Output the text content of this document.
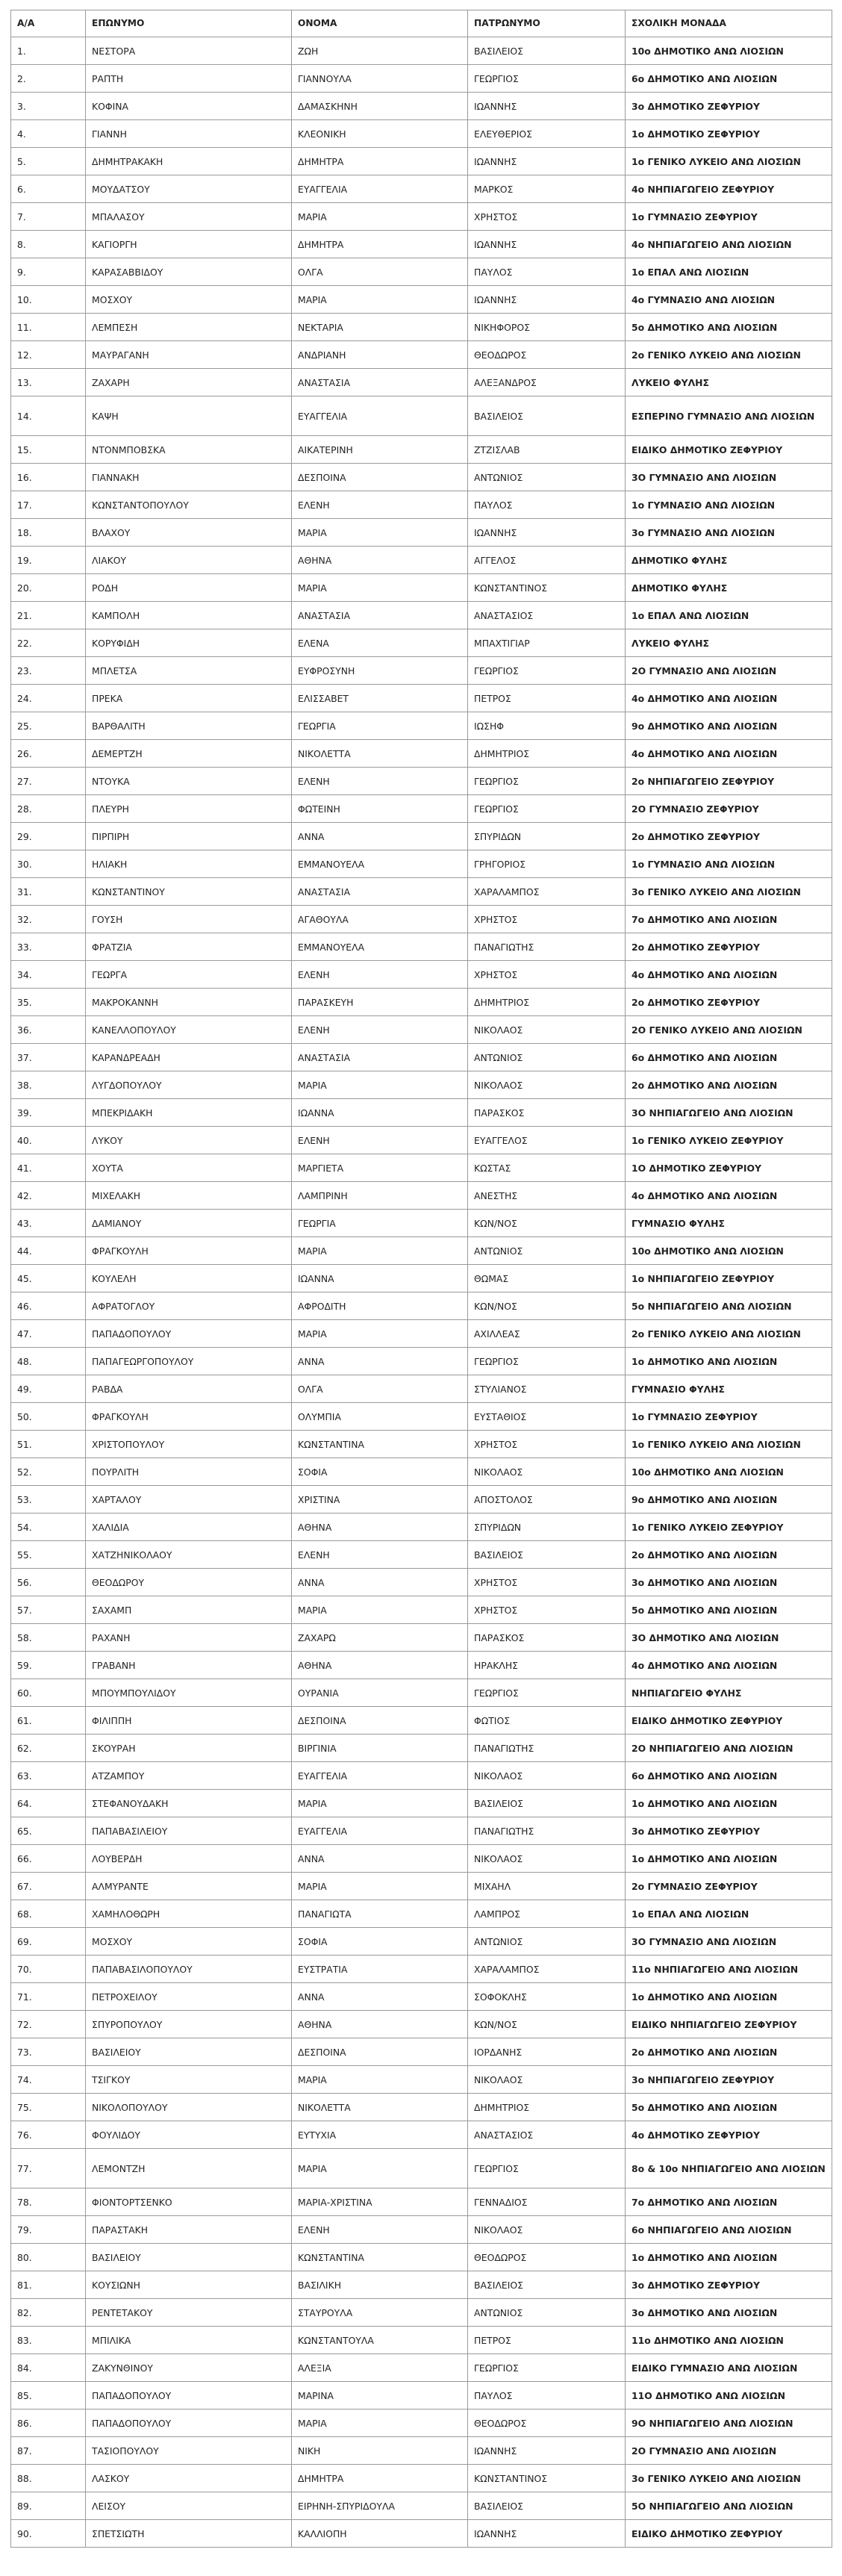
Α/Α	ΕΠΩΝΥΜΟ	ΟΝΟΜΑ	ΠΑΤΡΩΝΥΜΟ	ΣΧΟΛΙΚΗ ΜΟΝΑΔΑ
1.	ΝΕΣΤΟΡΑ	ΖΩΗ	ΒΑΣΙΛΕΙΟΣ	10ο ΔΗΜΟΤΙΚΟ ΑΝΩ ΛΙΟΣΙΩΝ
2.	ΡΑΠΤΗ	ΓΙΑΝΝΟΥΛΑ	ΓΕΩΡΓΙΟΣ	6ο ΔΗΜΟΤΙΚΟ ΑΝΩ ΛΙΟΣΙΩΝ
3.	ΚΟΦΙΝΑ	ΔΑΜΑΣΚΗΝΗ	ΙΩΑΝΝΗΣ	3ο ΔΗΜΟΤΙΚΟ ΖΕΦΥΡΙΟΥ
4.	ΓΙΑΝΝΗ	ΚΛΕΟΝΙΚΗ	ΕΛΕΥΘΕΡΙΟΣ	1ο ΔΗΜΟΤΙΚΟ ΖΕΦΥΡΙΟΥ
5.	ΔΗΜΗΤΡΑΚΑΚΗ	ΔΗΜΗΤΡΑ	ΙΩΑΝΝΗΣ	1ο ΓΕΝΙΚΟ ΛΥΚΕΙΟ ΑΝΩ ΛΙΟΣΙΩΝ
6.	ΜΟΥΔΑΤΣΟΥ	ΕΥΑΓΓΕΛΙΑ	ΜΑΡΚΟΣ	4ο ΝΗΠΙΑΓΩΓΕΙΟ ΖΕΦΥΡΙΟΥ
7.	ΜΠΑΛΑΣΟΥ	ΜΑΡΙΑ	ΧΡΗΣΤΟΣ	1ο ΓΥΜΝΑΣΙΟ ΖΕΦΥΡΙΟΥ
8.	ΚΑΓΙΟΡΓΗ	ΔΗΜΗΤΡΑ	ΙΩΑΝΝΗΣ	4ο ΝΗΠΙΑΓΩΓΕΙΟ ΑΝΩ ΛΙΟΣΙΩΝ
9.	ΚΑΡΑΣΑΒΒΙΔΟΥ	ΟΛΓΑ	ΠΑΥΛΟΣ	1ο ΕΠΑΛ ΑΝΩ ΛΙΟΣΙΩΝ
10.	ΜΟΣΧΟΥ	ΜΑΡΙΑ	ΙΩΑΝΝΗΣ	4ο ΓΥΜΝΑΣΙΟ ΑΝΩ ΛΙΟΣΙΩΝ
11.	ΛΕΜΠΕΣΗ	ΝΕΚΤΑΡΙΑ	ΝΙΚΗΦΟΡΟΣ	5ο ΔΗΜΟΤΙΚΟ ΑΝΩ ΛΙΟΣΙΩΝ
12.	ΜΑΥΡΑΓΑΝΗ	ΑΝΔΡΙΑΝΗ	ΘΕΟΔΩΡΟΣ	2ο ΓΕΝΙΚΟ ΛΥΚΕΙΟ ΑΝΩ ΛΙΟΣΙΩΝ
13.	ΖΑΧΑΡΗ	ΑΝΑΣΤΑΣΙΑ	ΑΛΕΞΑΝΔΡΟΣ	ΛΥΚΕΙΟ ΦΥΛΗΣ
14.	ΚΑΨΗ	ΕΥΑΓΓΕΛΙΑ	ΒΑΣΙΛΕΙΟΣ	ΕΣΠΕΡΙΝΟ ΓΥΜΝΑΣΙΟ ΑΝΩ ΛΙΟΣΙΩΝ
15.	ΝΤΟΝΜΠΟΒΣΚΑ	ΑΙΚΑΤΕΡΙΝΗ	ΖΤΖΙΣΛΑΒ	ΕΙΔΙΚΟ ΔΗΜΟΤΙΚΟ ΖΕΦΥΡΙΟΥ
16.	ΓΙΑΝΝΑΚΗ	ΔΕΣΠΟΙΝΑ	ΑΝΤΩΝΙΟΣ	3Ο ΓΥΜΝΑΣΙΟ ΑΝΩ ΛΙΟΣΙΩΝ
17.	ΚΩΝΣΤΑΝΤΟΠΟΥΛΟΥ	ΕΛΕΝΗ	ΠΑΥΛΟΣ	1ο ΓΥΜΝΑΣΙΟ ΑΝΩ ΛΙΟΣΙΩΝ
18.	ΒΛΑΧΟΥ	ΜΑΡΙΑ	ΙΩΑΝΝΗΣ	3ο ΓΥΜΝΑΣΙΟ ΑΝΩ ΛΙΟΣΙΩΝ
19.	ΛΙΑΚΟΥ	ΑΘΗΝΑ	ΑΓΓΕΛΟΣ	ΔΗΜΟΤΙΚΟ ΦΥΛΗΣ
20.	ΡΟΔΗ	ΜΑΡΙΑ	ΚΩΝΣΤΑΝΤΙΝΟΣ	ΔΗΜΟΤΙΚΟ ΦΥΛΗΣ
21.	ΚΑΜΠΟΛΗ	ΑΝΑΣΤΑΣΙΑ	ΑΝΑΣΤΑΣΙΟΣ	1ο ΕΠΑΛ ΑΝΩ ΛΙΟΣΙΩΝ
22.	ΚΟΡΥΦΙΔΗ	ΕΛΕΝΑ	ΜΠΑΧΤΙΓΙΑΡ	ΛΥΚΕΙΟ ΦΥΛΗΣ
23.	ΜΠΛΕΤΣΑ	ΕΥΦΡΟΣΥΝΗ	ΓΕΩΡΓΙΟΣ	2Ο ΓΥΜΝΑΣΙΟ ΑΝΩ ΛΙΟΣΙΩΝ
24.	ΠΡΕΚΑ	ΕΛΙΣΣΑΒΕΤ	ΠΕΤΡΟΣ	4ο ΔΗΜΟΤΙΚΟ ΑΝΩ ΛΙΟΣΙΩΝ
25.	ΒΑΡΘΑΛΙΤΗ	ΓΕΩΡΓΙΑ	ΙΩΣΗΦ	9ο ΔΗΜΟΤΙΚΟ ΑΝΩ ΛΙΟΣΙΩΝ
26.	ΔΕΜΕΡΤΖΗ	ΝΙΚΟΛΕΤΤΑ	ΔΗΜΗΤΡΙΟΣ	4ο ΔΗΜΟΤΙΚΟ ΑΝΩ ΛΙΟΣΙΩΝ
27.	ΝΤΟΥΚΑ	ΕΛΕΝΗ	ΓΕΩΡΓΙΟΣ	2ο ΝΗΠΙΑΓΩΓΕΙΟ ΖΕΦΥΡΙΟΥ
28.	ΠΛΕΥΡΗ	ΦΩΤΕΙΝΗ	ΓΕΩΡΓΙΟΣ	2Ο ΓΥΜΝΑΣΙΟ ΖΕΦΥΡΙΟΥ
29.	ΠΙΡΠΙΡΗ	ΑΝΝΑ	ΣΠΥΡΙΔΩΝ	2ο ΔΗΜΟΤΙΚΟ ΖΕΦΥΡΙΟΥ
30.	ΗΛΙΑΚΗ	ΕΜΜΑΝΟΥΕΛΑ	ΓΡΗΓΟΡΙΟΣ	1ο ΓΥΜΝΑΣΙΟ ΑΝΩ ΛΙΟΣΙΩΝ
31.	ΚΩΝΣΤΑΝΤΙΝΟΥ	ΑΝΑΣΤΑΣΙΑ	ΧΑΡΑΛΑΜΠΟΣ	3ο ΓΕΝΙΚΟ ΛΥΚΕΙΟ ΑΝΩ ΛΙΟΣΙΩΝ
32.	ΓΟΥΣΗ	ΑΓΑΘΟΥΛΑ	ΧΡΗΣΤΟΣ	7ο ΔΗΜΟΤΙΚΟ ΑΝΩ ΛΙΟΣΙΩΝ
33.	ΦΡΑΤΖΙΑ	ΕΜΜΑΝΟΥΕΛΑ	ΠΑΝΑΓΙΩΤΗΣ	2ο ΔΗΜΟΤΙΚΟ ΖΕΦΥΡΙΟΥ
34.	ΓΕΩΡΓΑ	ΕΛΕΝΗ	ΧΡΗΣΤΟΣ	4ο ΔΗΜΟΤΙΚΟ ΑΝΩ ΛΙΟΣΙΩΝ
35.	ΜΑΚΡΟΚΑΝΝΗ	ΠΑΡΑΣΚΕΥΗ	ΔΗΜΗΤΡΙΟΣ	2ο ΔΗΜΟΤΙΚΟ ΖΕΦΥΡΙΟΥ
36.	ΚΑΝΕΛΛΟΠΟΥΛΟΥ	ΕΛΕΝΗ	ΝΙΚΟΛΑΟΣ	2Ο ΓΕΝΙΚΟ ΛΥΚΕΙΟ ΑΝΩ ΛΙΟΣΙΩΝ
37.	ΚΑΡΑΝΔΡΕΑΔΗ	ΑΝΑΣΤΑΣΙΑ	ΑΝΤΩΝΙΟΣ	6ο ΔΗΜΟΤΙΚΟ ΑΝΩ ΛΙΟΣΙΩΝ
38.	ΛΥΓΔΟΠΟΥΛΟΥ	ΜΑΡΙΑ	ΝΙΚΟΛΑΟΣ	2ο ΔΗΜΟΤΙΚΟ ΑΝΩ ΛΙΟΣΙΩΝ
39.	ΜΠΕΚΡΙΔΑΚΗ	ΙΩΑΝΝΑ	ΠΑΡΑΣΚΟΣ	3Ο ΝΗΠΙΑΓΩΓΕΙΟ ΑΝΩ ΛΙΟΣΙΩΝ
40.	ΛΥΚΟΥ	ΕΛΕΝΗ	ΕΥΑΓΓΕΛΟΣ	1ο ΓΕΝΙΚΟ ΛΥΚΕΙΟ ΖΕΦΥΡΙΟΥ
41.	ΧΟΥΤΑ	ΜΑΡΓΙΕΤΑ	ΚΩΣΤΑΣ	1Ο ΔΗΜΟΤΙΚΟ ΖΕΦΥΡΙΟΥ
42.	ΜΙΧΕΛΑΚΗ	ΛΑΜΠΡΙΝΗ	ΑΝΕΣΤΗΣ	4ο ΔΗΜΟΤΙΚΟ ΑΝΩ ΛΙΟΣΙΩΝ
43.	ΔΑΜΙΑΝΟΥ	ΓΕΩΡΓΙΑ	ΚΩΝ/ΝΟΣ	ΓΥΜΝΑΣΙΟ ΦΥΛΗΣ
44.	ΦΡΑΓΚΟΥΛΗ	ΜΑΡΙΑ	ΑΝΤΩΝΙΟΣ	10ο ΔΗΜΟΤΙΚΟ ΑΝΩ ΛΙΟΣΙΩΝ
45.	ΚΟΥΛΕΛΗ	ΙΩΑΝΝΑ	ΘΩΜΑΣ	1ο ΝΗΠΙΑΓΩΓΕΙΟ ΖΕΦΥΡΙΟΥ
46.	ΑΦΡΑΤΟΓΛΟΥ	ΑΦΡΟΔΙΤΗ	ΚΩΝ/ΝΟΣ	5ο ΝΗΠΙΑΓΩΓΕΙΟ ΑΝΩ ΛΙΟΣΙΩΝ
47.	ΠΑΠΑΔΟΠΟΥΛΟΥ	ΜΑΡΙΑ	ΑΧΙΛΛΕΑΣ	2ο ΓΕΝΙΚΟ ΛΥΚΕΙΟ ΑΝΩ ΛΙΟΣΙΩΝ
48.	ΠΑΠΑΓΕΩΡΓΟΠΟΥΛΟΥ	ΑΝΝΑ	ΓΕΩΡΓΙΟΣ	1ο ΔΗΜΟΤΙΚΟ ΑΝΩ ΛΙΟΣΙΩΝ
49.	ΡΑΒΔΑ	ΟΛΓΑ	ΣΤΥΛΙΑΝΟΣ	ΓΥΜΝΑΣΙΟ ΦΥΛΗΣ
50.	ΦΡΑΓΚΟΥΛΗ	ΟΛΥΜΠΙΑ	ΕΥΣΤΑΘΙΟΣ	1ο ΓΥΜΝΑΣΙΟ ΖΕΦΥΡΙΟΥ
51.	ΧΡΙΣΤΟΠΟΥΛΟΥ	ΚΩΝΣΤΑΝΤΙΝΑ	ΧΡΗΣΤΟΣ	1ο ΓΕΝΙΚΟ ΛΥΚΕΙΟ ΑΝΩ ΛΙΟΣΙΩΝ
52.	ΠΟΥΡΛΙΤΗ	ΣΟΦΙΑ	ΝΙΚΟΛΑΟΣ	10ο ΔΗΜΟΤΙΚΟ ΑΝΩ ΛΙΟΣΙΩΝ
53.	ΧΑΡΤΑΛΟΥ	ΧΡΙΣΤΙΝΑ	ΑΠΟΣΤΟΛΟΣ	9ο ΔΗΜΟΤΙΚΟ ΑΝΩ ΛΙΟΣΙΩΝ
54.	ΧΑΛΙΔΙΑ	ΑΘΗΝΑ	ΣΠΥΡΙΔΩΝ	1ο ΓΕΝΙΚΟ ΛΥΚΕΙΟ ΖΕΦΥΡΙΟΥ
55.	ΧΑΤΖΗΝΙΚΟΛΑΟΥ	ΕΛΕΝΗ	ΒΑΣΙΛΕΙΟΣ	2ο ΔΗΜΟΤΙΚΟ ΑΝΩ ΛΙΟΣΙΩΝ
56.	ΘΕΟΔΩΡΟΥ	ΑΝΝΑ	ΧΡΗΣΤΟΣ	3ο ΔΗΜΟΤΙΚΟ ΑΝΩ ΛΙΟΣΙΩΝ
57.	ΣΑΧΑΜΠ	ΜΑΡΙΑ	ΧΡΗΣΤΟΣ	5ο ΔΗΜΟΤΙΚΟ ΑΝΩ ΛΙΟΣΙΩΝ
58.	ΡΑΧΑΝΗ	ΖΑΧΑΡΩ	ΠΑΡΑΣΚΟΣ	3Ο ΔΗΜΟΤΙΚΟ ΑΝΩ ΛΙΟΣΙΩΝ
59.	ΓΡΑΒΑΝΗ	ΑΘΗΝΑ	ΗΡΑΚΛΗΣ	4ο ΔΗΜΟΤΙΚΟ ΑΝΩ ΛΙΟΣΙΩΝ
60.	ΜΠΟΥΜΠΟΥΛΙΔΟΥ	ΟΥΡΑΝΙΑ	ΓΕΩΡΓΙΟΣ	ΝΗΠΙΑΓΩΓΕΙΟ ΦΥΛΗΣ
61.	ΦΙΛΙΠΠΗ	ΔΕΣΠΟΙΝΑ	ΦΩΤΙΟΣ	ΕΙΔΙΚΟ ΔΗΜΟΤΙΚΟ ΖΕΦΥΡΙΟΥ
62.	ΣΚΟΥΡΑΗ	ΒΙΡΓΙΝΙΑ	ΠΑΝΑΓΙΩΤΗΣ	2Ο ΝΗΠΙΑΓΩΓΕΙΟ ΑΝΩ ΛΙΟΣΙΩΝ
63.	ΑΤΖΑΜΠΟΥ	ΕΥΑΓΓΕΛΙΑ	ΝΙΚΟΛΑΟΣ	6ο ΔΗΜΟΤΙΚΟ ΑΝΩ ΛΙΟΣΙΩΝ
64.	ΣΤΕΦΑΝΟΥΔΑΚΗ	ΜΑΡΙΑ	ΒΑΣΙΛΕΙΟΣ	1ο ΔΗΜΟΤΙΚΟ ΑΝΩ ΛΙΟΣΙΩΝ
65.	ΠΑΠΑΒΑΣΙΛΕΙΟΥ	ΕΥΑΓΓΕΛΙΑ	ΠΑΝΑΓΙΩΤΗΣ	3ο ΔΗΜΟΤΙΚΟ ΖΕΦΥΡΙΟΥ
66.	ΛΟΥΒΕΡΔΗ	ΑΝΝΑ	ΝΙΚΟΛΑΟΣ	1ο ΔΗΜΟΤΙΚΟ ΑΝΩ ΛΙΟΣΙΩΝ
67.	ΑΛΜΥΡΑΝΤΕ	ΜΑΡΙΑ	ΜΙΧΑΗΛ	2ο ΓΥΜΝΑΣΙΟ ΖΕΦΥΡΙΟΥ
68.	ΧΑΜΗΛΟΘΩΡΗ	ΠΑΝΑΓΙΩΤΑ	ΛΑΜΠΡΟΣ	1ο ΕΠΑΛ ΑΝΩ ΛΙΟΣΙΩΝ
69.	ΜΟΣΧΟΥ	ΣΟΦΙΑ	ΑΝΤΩΝΙΟΣ	3Ο ΓΥΜΝΑΣΙΟ ΑΝΩ ΛΙΟΣΙΩΝ
70.	ΠΑΠΑΒΑΣΙΛΟΠΟΥΛΟΥ	ΕΥΣΤΡΑΤΙΑ	ΧΑΡΑΛΑΜΠΟΣ	11ο ΝΗΠΙΑΓΩΓΕΙΟ ΑΝΩ ΛΙΟΣΙΩΝ
71.	ΠΕΤΡΟΧΕΙΛΟΥ	ΑΝΝΑ	ΣΟΦΟΚΛΗΣ	1ο ΔΗΜΟΤΙΚΟ ΑΝΩ ΛΙΟΣΙΩΝ
72.	ΣΠΥΡΟΠΟΥΛΟΥ	ΑΘΗΝΑ	ΚΩΝ/ΝΟΣ	ΕΙΔΙΚΟ ΝΗΠΙΑΓΩΓΕΙΟ ΖΕΦΥΡΙΟΥ
73.	ΒΑΣΙΛΕΙΟΥ	ΔΕΣΠΟΙΝΑ	ΙΟΡΔΑΝΗΣ	2ο ΔΗΜΟΤΙΚΟ ΑΝΩ ΛΙΟΣΙΩΝ
74.	ΤΣΙΓΚΟΥ	ΜΑΡΙΑ	ΝΙΚΟΛΑΟΣ	3ο ΝΗΠΙΑΓΩΓΕΙΟ ΖΕΦΥΡΙΟΥ
75.	ΝΙΚΟΛΟΠΟΥΛΟΥ	ΝΙΚΟΛΕΤΤΑ	ΔΗΜΗΤΡΙΟΣ	5ο ΔΗΜΟΤΙΚΟ ΑΝΩ ΛΙΟΣΙΩΝ
76.	ΦΟΥΛΙΔΟΥ	ΕΥΤΥΧΙΑ	ΑΝΑΣΤΑΣΙΟΣ	4ο ΔΗΜΟΤΙΚΟ ΖΕΦΥΡΙΟΥ
77.	ΛΕΜΟΝΤΖΗ	ΜΑΡΙΑ	ΓΕΩΡΓΙΟΣ	8ο & 10ο ΝΗΠΙΑΓΩΓΕΙΟ ΑΝΩ ΛΙΟΣΙΩΝ
78.	ΦΙΟΝΤΟΡΤΣΕΝΚΟ	ΜΑΡΙΑ-ΧΡΙΣΤΙΝΑ	ΓΕΝΝΑΔΙΟΣ	7ο ΔΗΜΟΤΙΚΟ ΑΝΩ ΛΙΟΣΙΩΝ
79.	ΠΑΡΑΣΤΑΚΗ	ΕΛΕΝΗ	ΝΙΚΟΛΑΟΣ	6ο ΝΗΠΙΑΓΩΓΕΙΟ ΑΝΩ ΛΙΟΣΙΩΝ
80.	ΒΑΣΙΛΕΙΟΥ	ΚΩΝΣΤΑΝΤΙΝΑ	ΘΕΟΔΩΡΟΣ	1ο ΔΗΜΟΤΙΚΟ ΑΝΩ ΛΙΟΣΙΩΝ
81.	ΚΟΥΣΙΩΝΗ	ΒΑΣΙΛΙΚΗ	ΒΑΣΙΛΕΙΟΣ	3ο ΔΗΜΟΤΙΚΟ ΖΕΦΥΡΙΟΥ
82.	ΡΕΝΤΕΤΑΚΟΥ	ΣΤΑΥΡΟΥΛΑ	ΑΝΤΩΝΙΟΣ	3ο ΔΗΜΟΤΙΚΟ ΑΝΩ ΛΙΟΣΙΩΝ
83.	ΜΠΙΛΙΚΑ	ΚΩΝΣΤΑΝΤΟΥΛΑ	ΠΕΤΡΟΣ	11ο ΔΗΜΟΤΙΚΟ ΑΝΩ ΛΙΟΣΙΩΝ
84.	ΖΑΚΥΝΘΙΝΟΥ	ΑΛΕΞΙΑ	ΓΕΩΡΓΙΟΣ	ΕΙΔΙΚΟ ΓΥΜΝΑΣΙΟ ΑΝΩ ΛΙΟΣΙΩΝ
85.	ΠΑΠΑΔΟΠΟΥΛΟΥ	ΜΑΡΙΝΑ	ΠΑΥΛΟΣ	11Ο ΔΗΜΟΤΙΚΟ ΑΝΩ ΛΙΟΣΙΩΝ
86.	ΠΑΠΑΔΟΠΟΥΛΟΥ	ΜΑΡΙΑ	ΘΕΟΔΩΡΟΣ	9Ο ΝΗΠΙΑΓΩΓΕΙΟ ΑΝΩ ΛΙΟΣΙΩΝ
87.	ΤΑΣΙΟΠΟΥΛΟΥ	ΝΙΚΗ	ΙΩΑΝΝΗΣ	2Ο ΓΥΜΝΑΣΙΟ ΑΝΩ ΛΙΟΣΙΩΝ
88.	ΛΑΣΚΟΥ	ΔΗΜΗΤΡΑ	ΚΩΝΣΤΑΝΤΙΝΟΣ	3ο ΓΕΝΙΚΟ ΛΥΚΕΙΟ ΑΝΩ ΛΙΟΣΙΩΝ
89.	ΛΕΙΣΟΥ	ΕΙΡΗΝΗ-ΣΠΥΡΙΔΟΥΛΑ	ΒΑΣΙΛΕΙΟΣ	5Ο ΝΗΠΙΑΓΩΓΕΙΟ ΑΝΩ ΛΙΟΣΙΩΝ
90.	ΣΠΕΤΣΙΩΤΗ	ΚΑΛΛΙΟΠΗ	ΙΩΑΝΝΗΣ	ΕΙΔΙΚΟ ΔΗΜΟΤΙΚΟ ΖΕΦΥΡΙΟΥ
